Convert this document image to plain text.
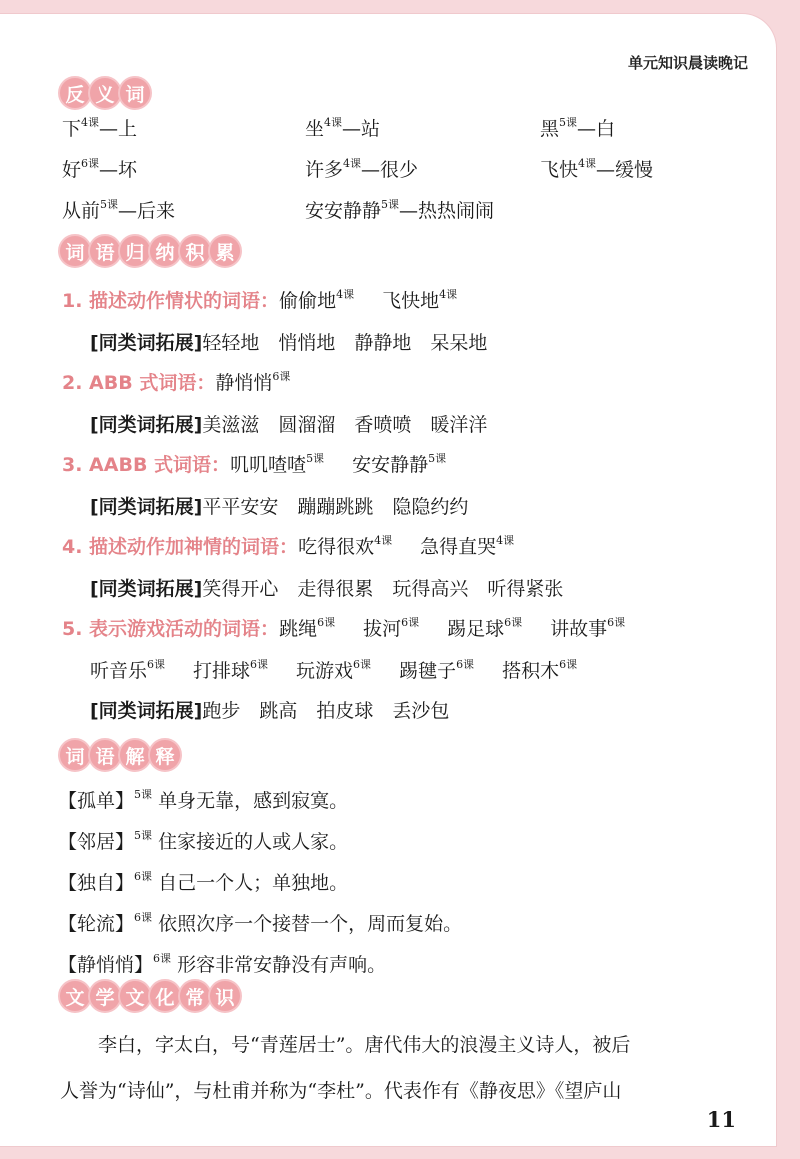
单元知识晨读晚记
反 义 词
下$^{4课}$—上	坐$^{4课}$—站	黑$^{5课}$—白
好$^{6课}$—坏	许多$^{4课}$—很少	飞快$^{4课}$—缓慢
从前$^{5课}$—后来	安安静静$^{5课}$—热热闹闹
词 语 归 纳 积 累
1. 描述动作情状的词语：偷偷地$^{4课}$ 飞快地$^{4课}$
[同类词拓展]轻轻地　悄悄地　静静地　呆呆地
2. ABB 式词语：静悄悄$^{6课}$
[同类词拓展]美滋滋　圆溜溜　香喷喷　暖洋洋
3. AABB 式词语：叽叽喳喳$^{5课}$ 安安静静$^{5课}$
[同类词拓展]平平安安　蹦蹦跳跳　隐隐约约
4. 描述动作加神情的词语：吃得很欢$^{4课}$ 急得直哭$^{4课}$
[同类词拓展]笑得开心　走得很累　玩得高兴　听得紧张
5. 表示游戏活动的词语：跳绳$^{6课}$ 拔河$^{6课}$ 踢足球$^{6课}$ 讲故事$^{6课}$
听音乐$^{6课}$ 打排球$^{6课}$ 玩游戏$^{6课}$ 踢毽子$^{6课}$ 搭积木$^{6课}$
[同类词拓展]跑步　跳高　拍皮球　丢沙包
词 语 解 释
【孤单】$^{5课}$ 单身无靠，感到寂寞。
【邻居】$^{5课}$ 住家接近的人或人家。
【独自】$^{6课}$ 自己一个人；单独地。
【轮流】$^{6课}$ 依照次序一个接替一个，周而复始。
【静悄悄】$^{6课}$ 形容非常安静没有声响。
文 学 文 化 常 识
李白，字太白，号“青莲居士”。唐代伟大的浪漫主义诗人，被后
人誉为“诗仙”，与杜甫并称为“李杜”。代表作有《静夜思》《望庐山
11
